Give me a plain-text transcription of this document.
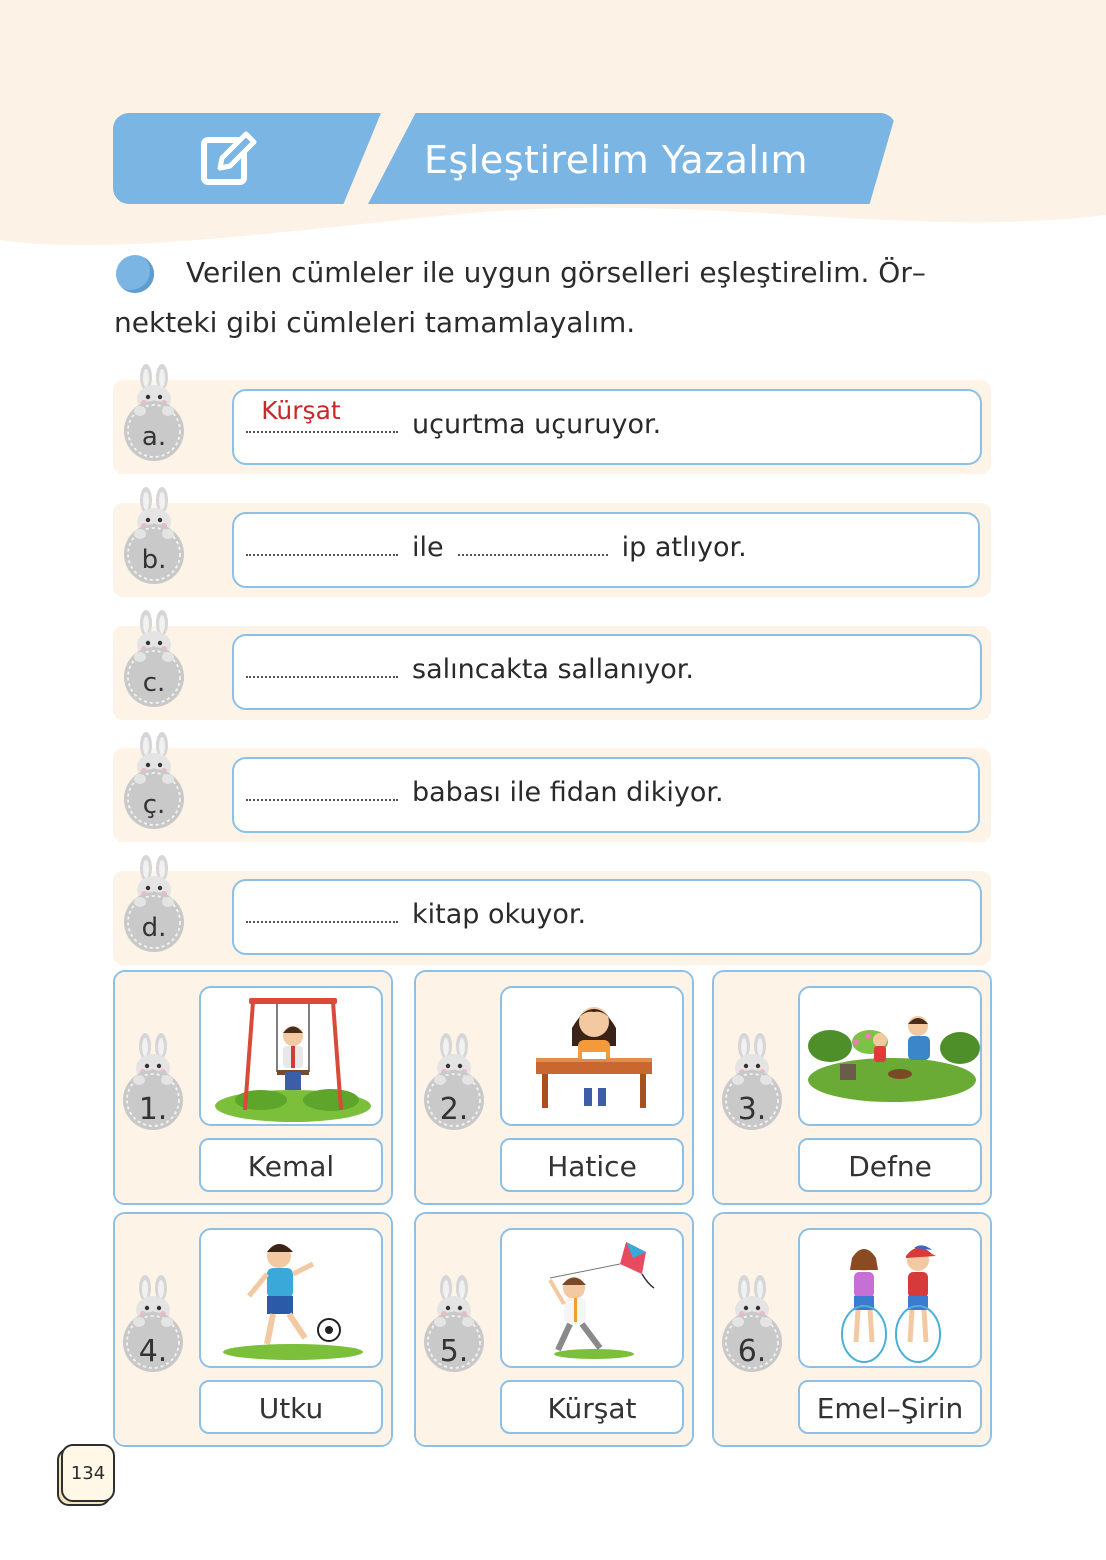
Eşleştirelim Yazalım
Verilen cümleler ile uygun görselleri eşleştirelim. Ör–
nekteki gibi cümleleri tamamlayalım.
a.
Kürşat	uçurtma uçuruyor.
b.	ile	ip atlıyor.
c.	salıncakta sallanıyor.
ç.	babası ile fidan dikiyor.
d.	kitap okuyor.
1.
Kemal
2.
Hatice
3.
Defne
4.
Utku
5.
Kürşat
6.
Emel–Şirin
134
